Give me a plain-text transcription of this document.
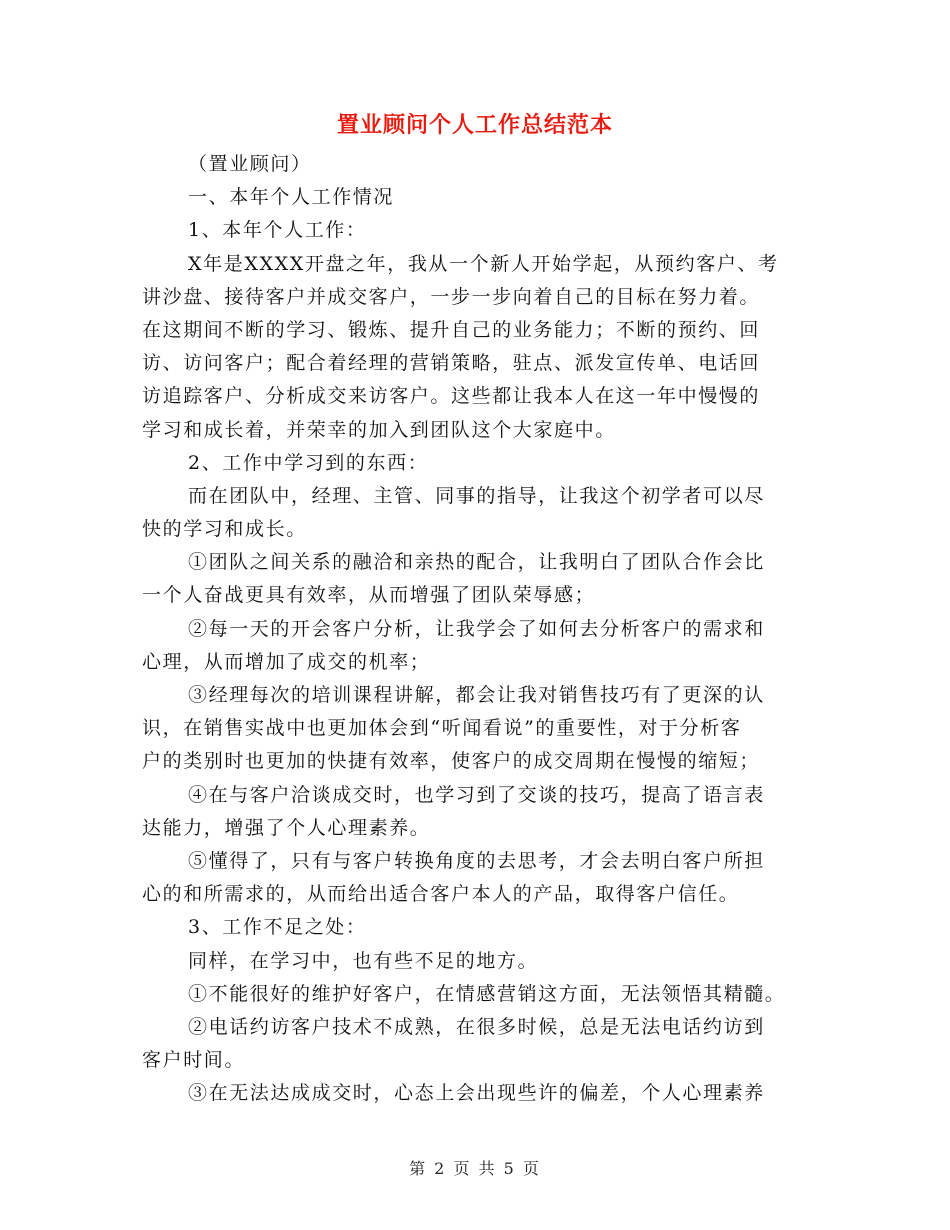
置业顾问个人工作总结范本
（置业顾问）
一、本年个人工作情况
1、本年个人工作：
X年是XXXX开盘之年，我从一个新人开始学起，从预约客户、考
讲沙盘、接待客户并成交客户，一步一步向着自己的目标在努力着。
在这期间不断的学习、锻炼、提升自己的业务能力；不断的预约、回
访、访问客户；配合着经理的营销策略，驻点、派发宣传单、电话回
访追踪客户、分析成交来访客户。这些都让我本人在这一年中慢慢的
学习和成长着，并荣幸的加入到团队这个大家庭中。
2、工作中学习到的东西：
而在团队中，经理、主管、同事的指导，让我这个初学者可以尽
快的学习和成长。
①团队之间关系的融洽和亲热的配合，让我明白了团队合作会比
一个人奋战更具有效率，从而增强了团队荣辱感；
②每一天的开会客户分析，让我学会了如何去分析客户的需求和
心理，从而增加了成交的机率；
③经理每次的培训课程讲解，都会让我对销售技巧有了更深的认
识，在销售实战中也更加体会到“听闻看说”的重要性，对于分析客
户的类别时也更加的快捷有效率，使客户的成交周期在慢慢的缩短；
④在与客户洽谈成交时，也学习到了交谈的技巧，提高了语言表
达能力，增强了个人心理素养。
⑤懂得了，只有与客户转换角度的去思考，才会去明白客户所担
心的和所需求的，从而给出适合客户本人的产品，取得客户信任。
3、工作不足之处：
同样，在学习中，也有些不足的地方。
①不能很好的维护好客户，在情感营销这方面，无法领悟其精髓。
②电话约访客户技术不成熟，在很多时候，总是无法电话约访到
客户时间。
③在无法达成成交时，心态上会出现些许的偏差，个人心理素养
第 2 页 共 5 页
